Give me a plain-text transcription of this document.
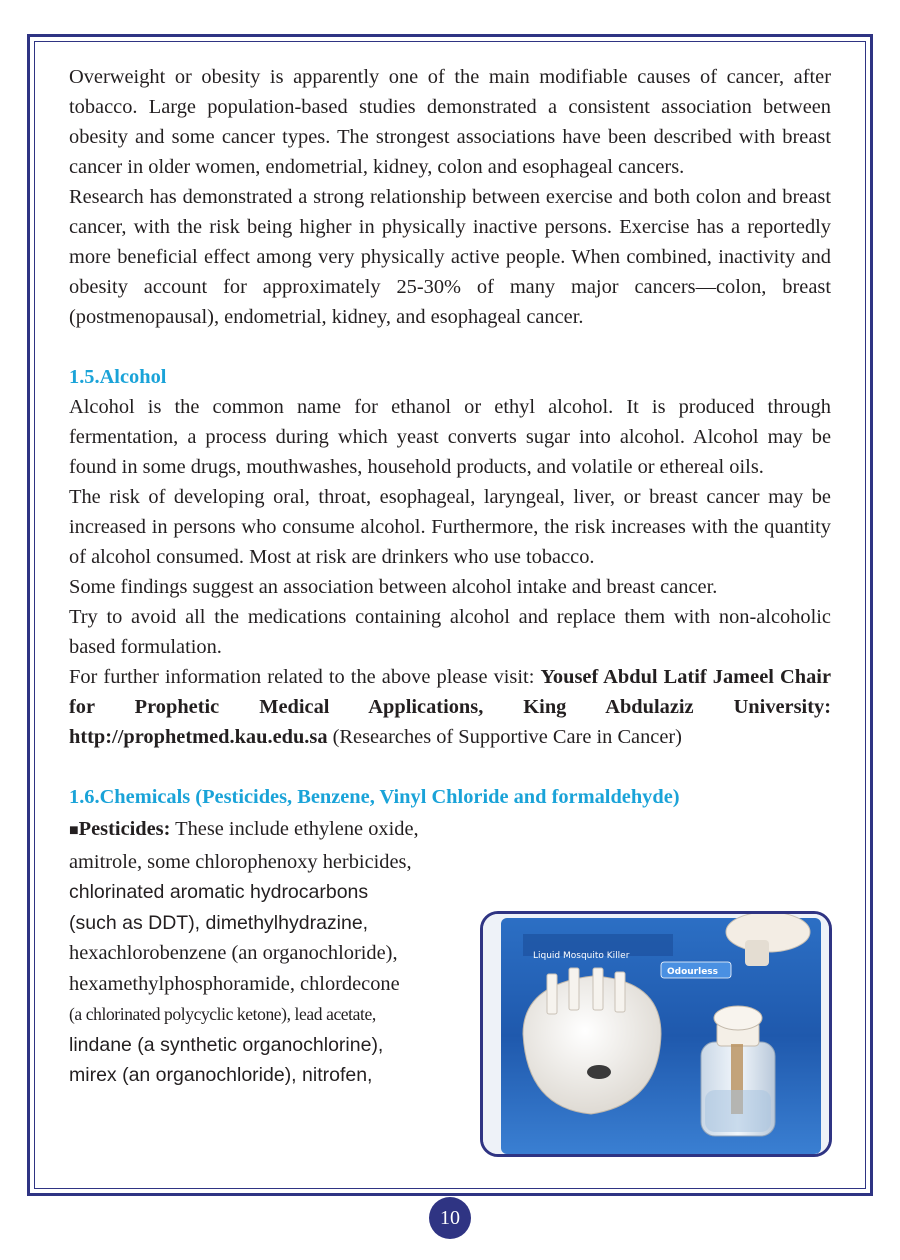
Overweight or obesity is apparently one of the main modifiable causes of cancer, after tobacco. Large population-based studies demonstrated a consistent association between obesity and some cancer types. The strongest associations have been described with breast cancer in older women, endometrial, kidney, colon and esophageal cancers.

Research has demonstrated a strong relationship between exercise and both colon and breast cancer, with the risk being higher in physically inactive persons. Exercise has a reportedly more beneficial effect among very physically active people. When combined, inactivity and obesity account for approximately 25-30% of many major cancers—colon, breast (postmenopausal), endometrial, kidney, and esophageal cancer.

1.5.Alcohol

Alcohol is the common name for ethanol or ethyl alcohol. It is produced through fermentation, a process during which yeast converts sugar into alcohol. Alcohol may be found in some drugs, mouthwashes, household products, and volatile or ethereal oils.

The risk of developing oral, throat, esophageal, laryngeal, liver, or breast cancer may be increased in persons who consume alcohol. Furthermore, the risk increases with the quantity of alcohol consumed. Most at risk are drinkers who use tobacco.

Some findings suggest an association between alcohol intake and breast cancer.

Try to avoid all the medications containing alcohol and replace them with non-alcoholic based formulation.

For further information related to the above please visit: Yousef Abdul Latif Jameel Chair for Prophetic Medical Applications, King Abdulaziz University: http://prophetmed.kau.edu.sa (Researches of Supportive Care in Cancer)

1.6.Chemicals (Pesticides, Benzene, Vinyl Chloride and formaldehyde)
■Pesticides: These include ethylene oxide,
amitrole, some chlorophenoxy herbicides,
chlorinated aromatic hydrocarbons
(such as DDT), dimethylhydrazine,
hexachlorobenzene (an organochloride),
hexamethylphosphoramide, chlordecone
(a chlorinated polycyclic ketone), lead acetate,
lindane (a synthetic organochlorine),
mirex (an organochloride), nitrofen,
Liquid Mosquito Killer
Odourless
10
